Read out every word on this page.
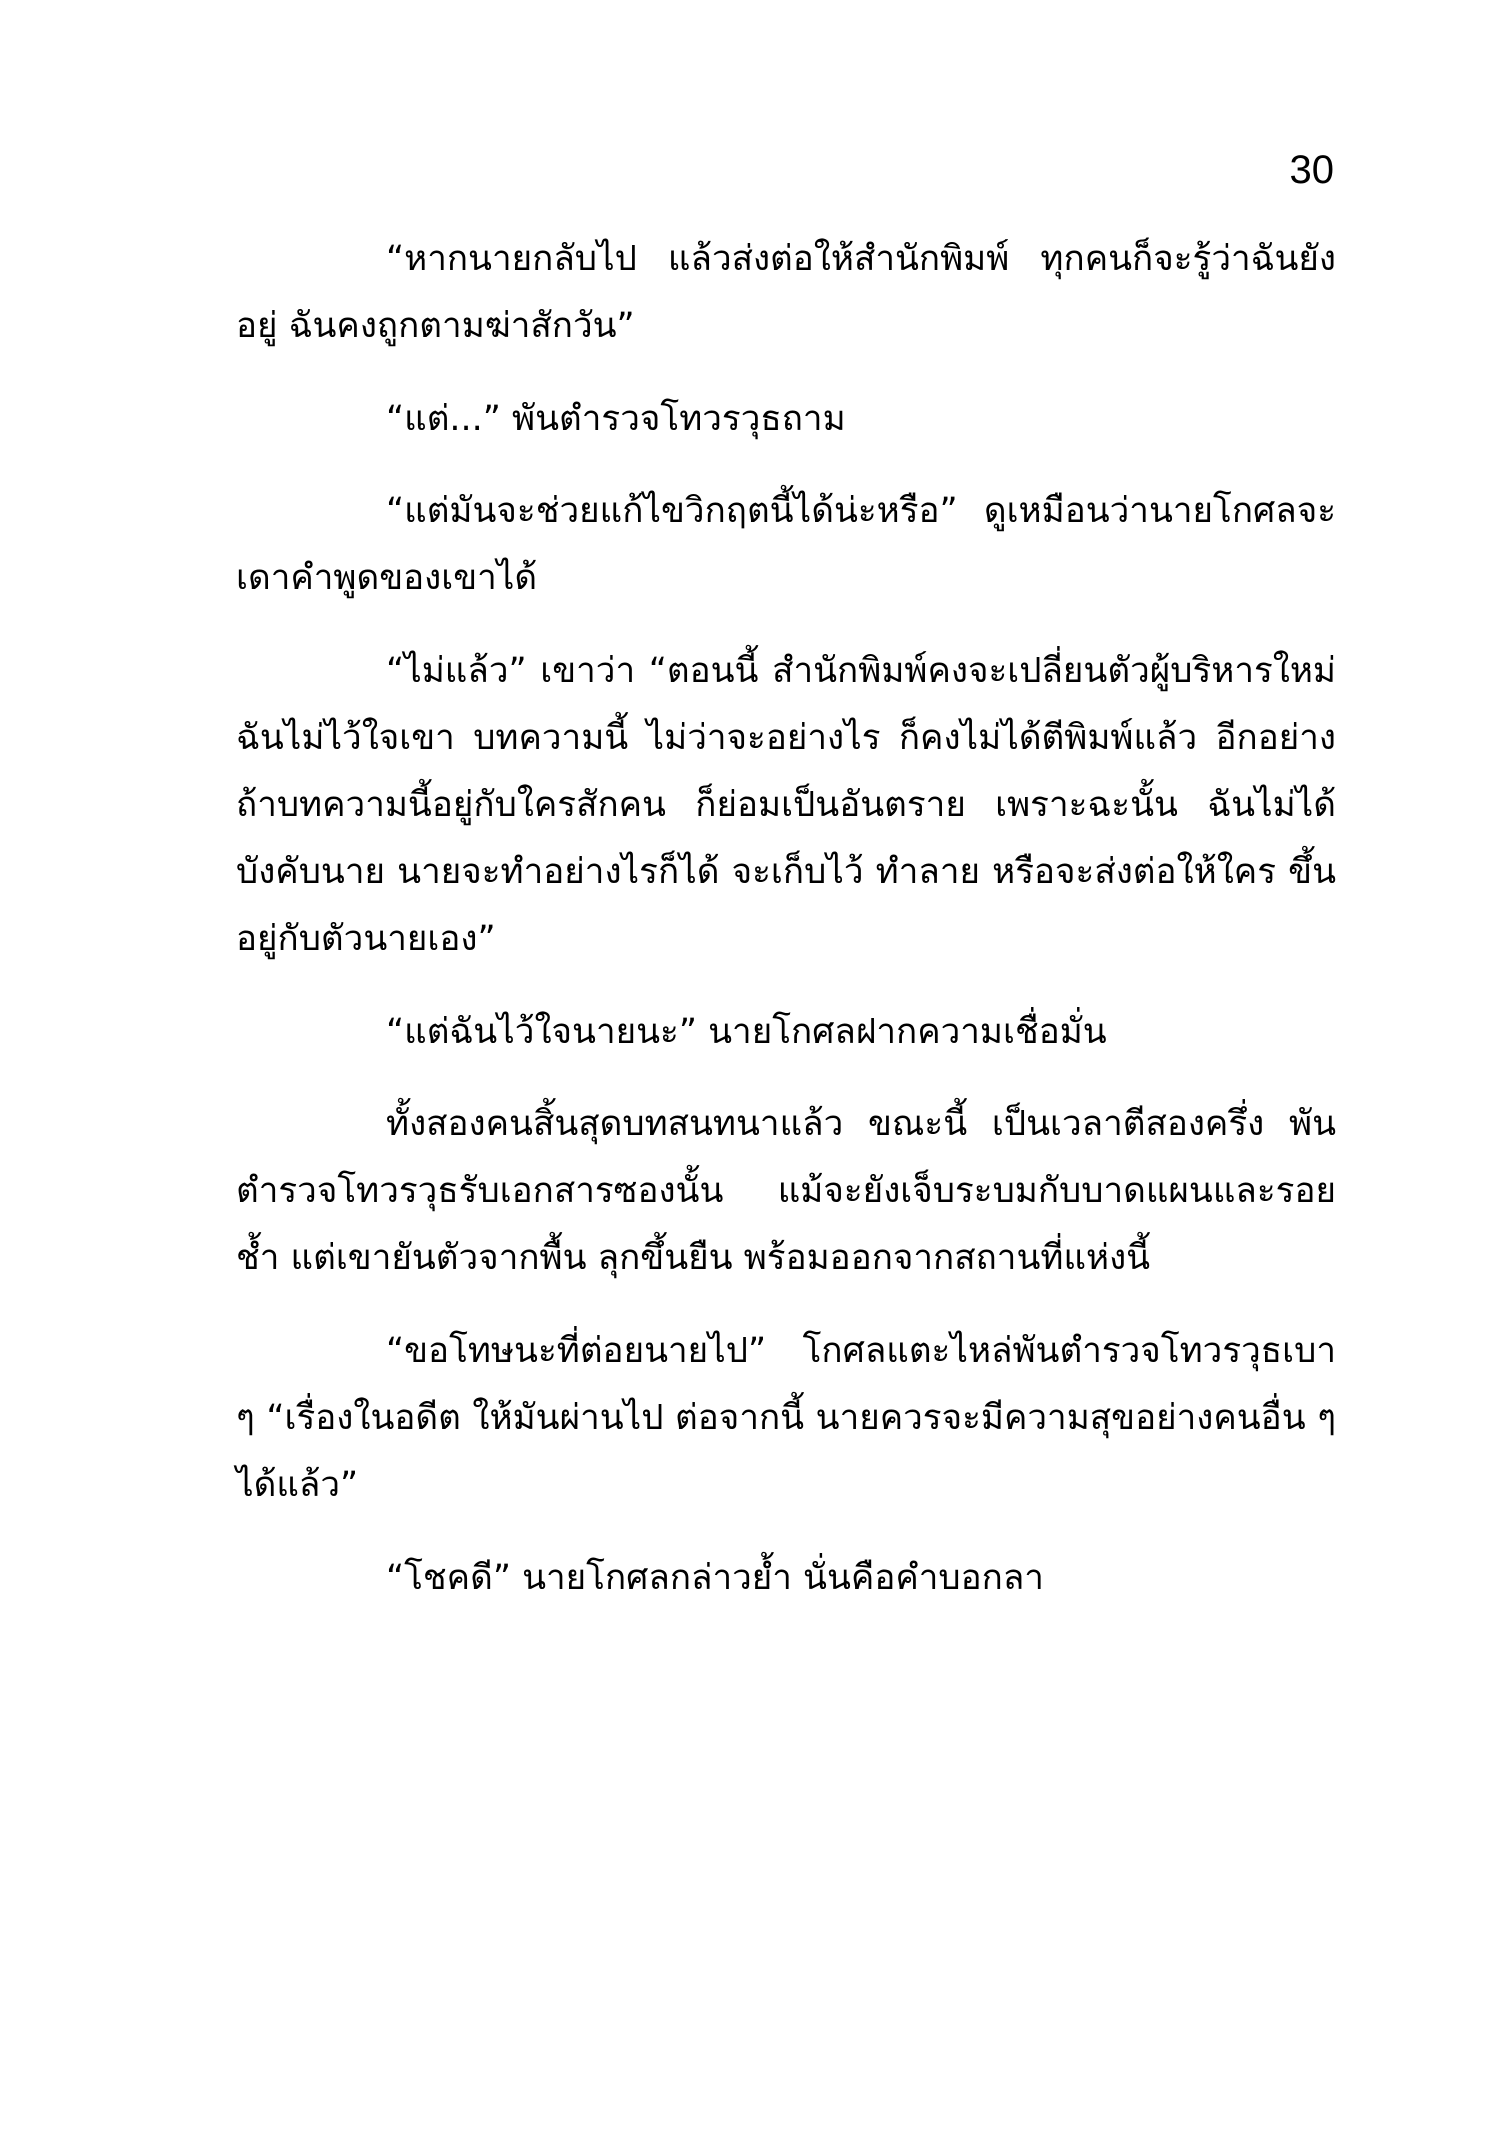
30

“หากนายกลับไป แล้วส่งต่อให้สำนักพิมพ์ ทุกคนก็จะรู้ว่าฉันยังอยู่ ฉันคงถูกตามฆ่าสักวัน”

“แต่...” พันตำรวจโทวรวุธถาม

“แต่มันจะช่วยแก้ไขวิกฤตนี้ได้น่ะหรือ” ดูเหมือนว่านายโกศลจะเดาคำพูดของเขาได้

“ไม่แล้ว” เขาว่า “ตอนนี้ สำนักพิมพ์คงจะเปลี่ยนตัวผู้บริหารใหม่ ฉันไม่ไว้ใจเขา บทความนี้ ไม่ว่าจะอย่างไร ก็คงไม่ได้ตีพิมพ์แล้ว อีกอย่าง ถ้าบทความนี้อยู่กับใครสักคน ก็ย่อมเป็นอันตราย เพราะฉะนั้น ฉันไม่ได้บังคับนาย นายจะทำอย่างไรก็ได้ จะเก็บไว้ ทำลาย หรือจะส่งต่อให้ใคร ขึ้นอยู่กับตัวนายเอง”

“แต่ฉันไว้ใจนายนะ” นายโกศลฝากความเชื่อมั่น

ทั้งสองคนสิ้นสุดบทสนทนาแล้ว ขณะนี้ เป็นเวลาตีสองครึ่ง พันตำรวจโทวรวุธรับเอกสารซองนั้น แม้จะยังเจ็บระบมกับบาดแผนและรอยช้ำ แต่เขายันตัวจากพื้น ลุกขึ้นยืน พร้อมออกจากสถานที่แห่งนี้

“ขอโทษนะที่ต่อยนายไป” โกศลแตะไหล่พันตำรวจโทวรวุธเบา ๆ “เรื่องในอดีต ให้มันผ่านไป ต่อจากนี้ นายควรจะมีความสุขอย่างคนอื่น ๆ ได้แล้ว”

“โชคดี” นายโกศลกล่าวย้ำ นั่นคือคำบอกลา
